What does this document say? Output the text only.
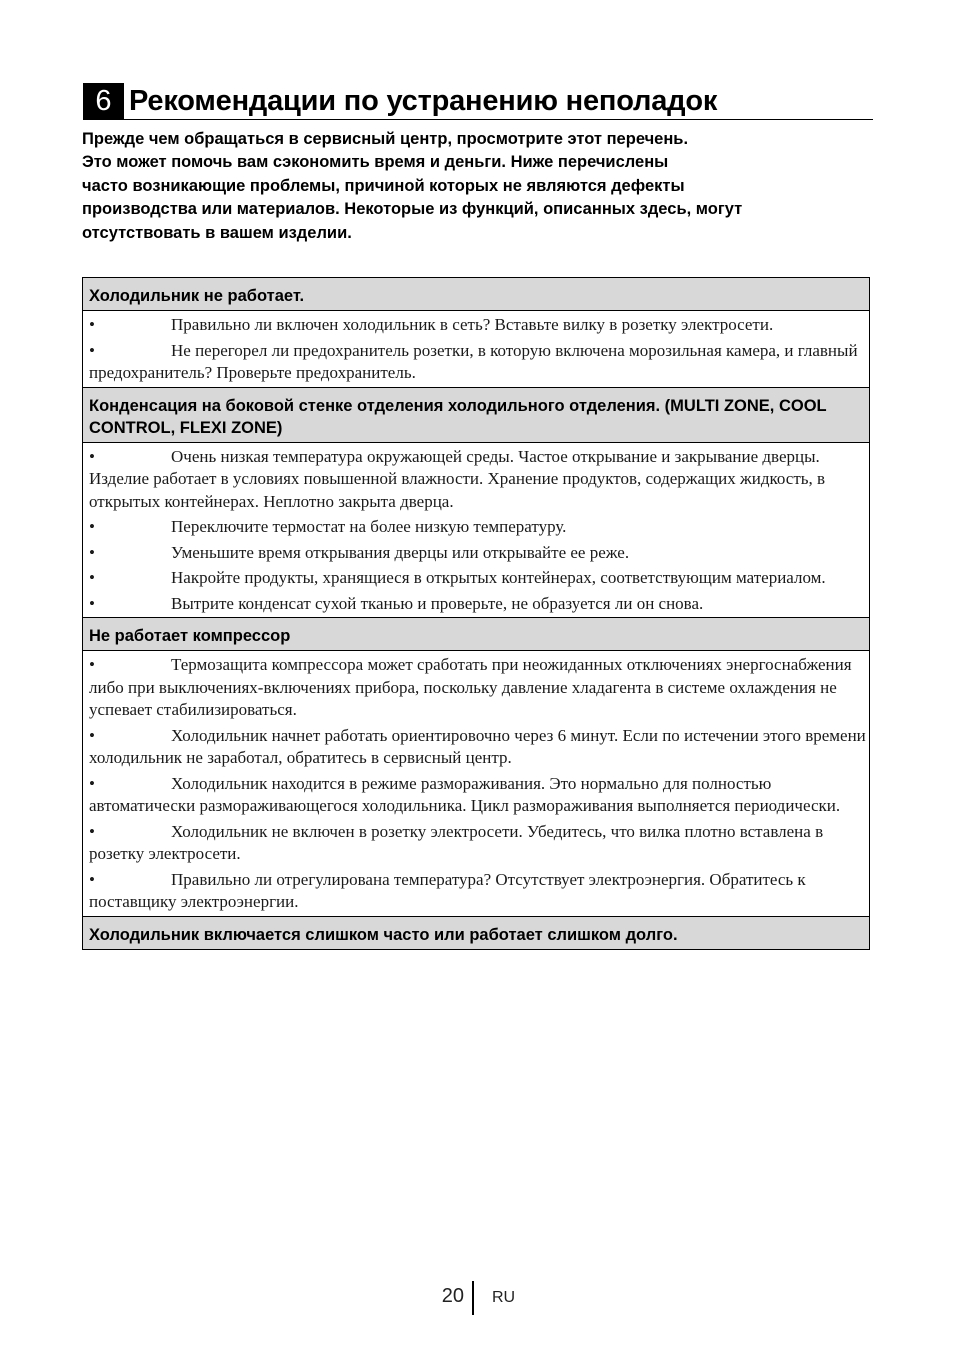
6 Рекомендации по устранению неполадок
Прежде чем обращаться в сервисный центр, просмотрите этот перечень.
Это может помочь вам сэкономить время и деньги. Ниже перечислены
часто возникающие проблемы, причиной которых не являются дефекты
производства или материалов. Некоторые из функций, описанных здесь, могут
отсутствовать в вашем изделии.
Холодильник не работает.
•	Правильно ли включен холодильник в сеть? Вставьте вилку в розетку электросети.
•	Не перегорел ли предохранитель розетки, в которую включена морозильная камера, и главный предохранитель? Проверьте предохранитель.
Конденсация на боковой стенке отделения холодильного отделения. (MULTI ZONE, COOL CONTROL, FLEXI ZONE)
•	Очень низкая температура окружающей среды. Частое открывание и закрывание дверцы. Изделие работает в условиях повышенной влажности. Хранение продуктов, содержащих жидкость, в открытых контейнерах. Неплотно закрыта дверца.
•	Переключите термостат на более низкую температуру.
•	Уменьшите время открывания дверцы или открывайте ее реже.
•	Накройте продукты, хранящиеся в открытых контейнерах, соответствующим материалом.
•	Вытрите конденсат сухой тканью и проверьте, не образуется ли он снова.
Не работает компрессор
•	Термозащита компрессора может сработать при неожиданных отключениях энергоснабжения либо при выключениях-включениях прибора, поскольку давление хладагента в системе охлаждения не успевает стабилизироваться.
•	Холодильник начнет работать ориентировочно через 6 минут. Если по истечении этого времени холодильник не заработал, обратитесь в сервисный центр.
•	Холодильник находится в режиме размораживания. Это нормально для полностью автоматически размораживающегося холодильника. Цикл размораживания выполняется периодически.
•	Холодильник не включен в розетку электросети. Убедитесь, что вилка плотно вставлена в розетку электросети.
•	Правильно ли отрегулирована температура? Отсутствует электроэнергия. Обратитесь к поставщику электроэнергии.
Холодильник включается слишком часто или работает слишком долго.
20 RU
